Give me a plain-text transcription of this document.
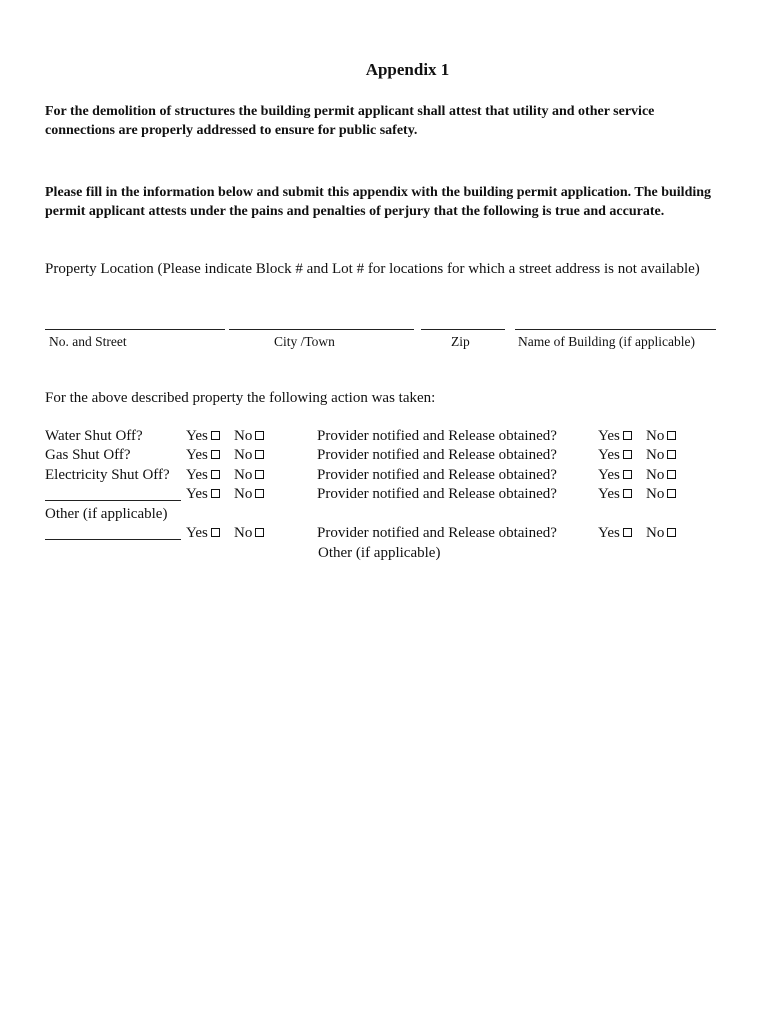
Appendix 1
For the demolition of structures the building permit applicant shall attest that utility and other service connections are properly addressed to ensure for public safety.
Please fill in the information below and submit this appendix with the building permit application. The building permit applicant attests under the pains and penalties of perjury that the following is true and accurate.
Property Location (Please indicate Block # and Lot # for locations for which a street address is not available)
No. and Street	City /Town	Zip	Name of Building (if applicable)
For the above described property the following action was taken:
Water Shut Off?	Yes	No	Provider notified and Release obtained?	Yes	No
Gas Shut Off?	Yes	No	Provider notified and Release obtained?	Yes	No
Electricity Shut Off? Yes	No	Provider notified and Release obtained?	Yes	No
Yes	No	Provider notified and Release obtained?	Yes	No
Other (if applicable)
Yes	No	Provider notified and Release obtained?	Yes	No
Other (if applicable)
